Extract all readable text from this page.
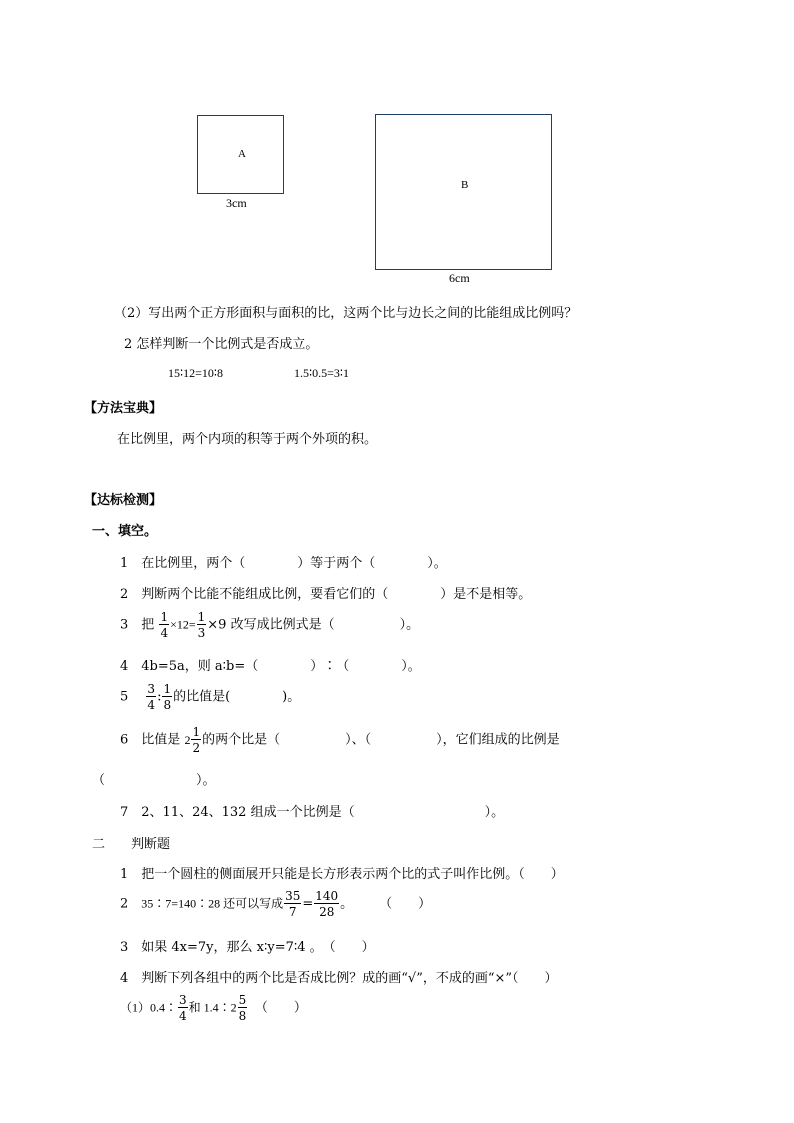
A
3cm
B
6cm
（2）写出两个正方形面积与面积的比，这两个比与边长之间的比能组成比例吗？
2 怎样判断一个比例式是否成立。
15∶12=10∶8	1.5∶0.5=3∶1
【方法宝典】
在比例里，两个内项的积等于两个外项的积。
【达标检测】
一、填空。
1　在比例里，两个（　　　　）等于两个（　　　　）。
2　判断两个比能不能组成比例，要看它们的（　　　　）是不是相等。
3　 把 $\frac{1}{4} \times 12= \frac{1}{3} \times 9$ 改写成比例式是（　　　　　）。
4　4b=5a，则 a∶b=（　　　　）∶（　　　　）。
5　 $\frac{3}{4}$ : $\frac{1}{8}$ 的比值是(　　　　)。
6　 比值是 $2 \frac{1}{2}$ 的两个比是（　　　　　）、（　　　　　），它们组成的比例是
（　　　　　　　）。
7　2、11、24、132 组成一个比例是（　　　　　　　　　　）。
二　　判断题
1　把一个圆柱的侧面展开只能是长方形表示两个比的式子叫作比例。（　　）
2　 35∶7=140∶28 还可以写成 $\frac{35}{7} = \frac{140}{28}$ 。　　　（　　）
3　如果 4x=7y，那么 x∶y=7∶4 。　（　　）
4　判断下列各组中的两个比是否成比例？成的画“√”，不成的画“×”（　　）
（1）0.4∶ $\frac{3}{4}$ 和 1.4∶2 $\frac{5}{8}$ 　（　　）
